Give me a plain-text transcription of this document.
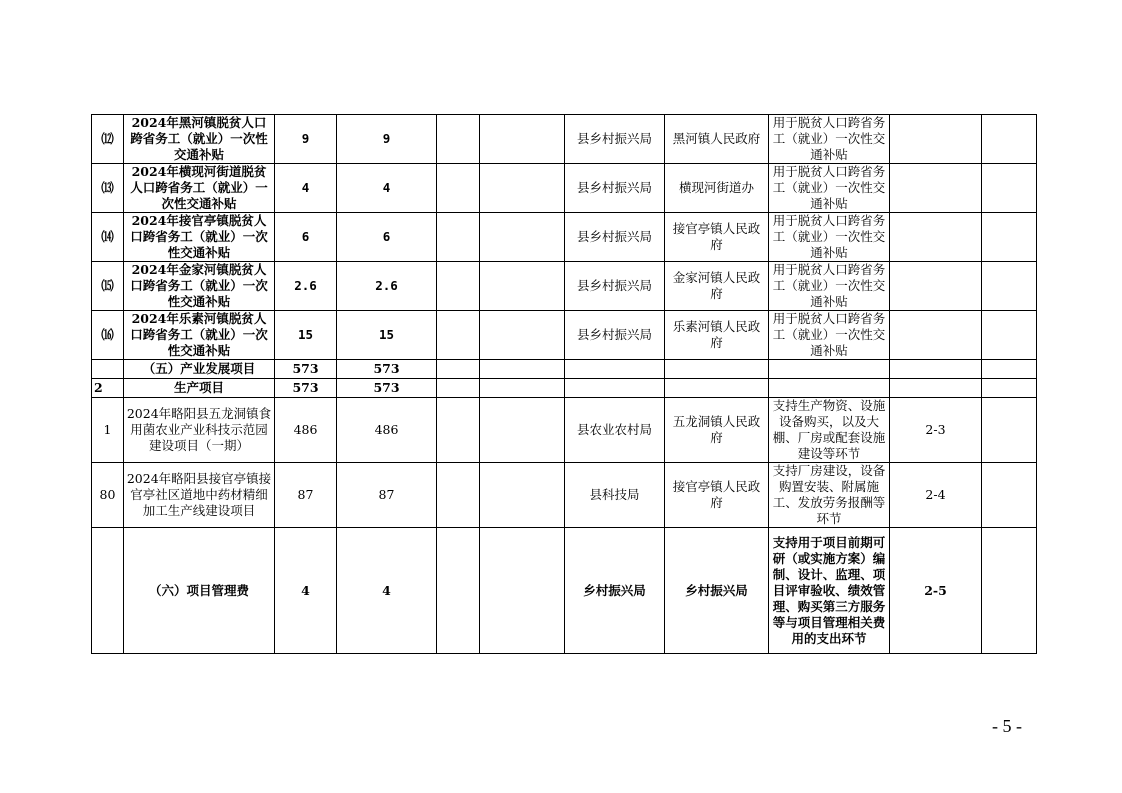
⑿	2024年黑河镇脱贫人口跨省务工（就业）一次性交通补贴	9	9			县乡村振兴局	黑河镇人民政府	用于脱贫人口跨省务工（就业）一次性交通补贴		
⒀	2024年横现河街道脱贫人口跨省务工（就业）一次性交通补贴	4	4			县乡村振兴局	横现河街道办	用于脱贫人口跨省务工（就业）一次性交通补贴		
⒁	2024年接官亭镇脱贫人口跨省务工（就业）一次性交通补贴	6	6			县乡村振兴局	接官亭镇人民政府	用于脱贫人口跨省务工（就业）一次性交通补贴		
⒂	2024年金家河镇脱贫人口跨省务工（就业）一次性交通补贴	2.6	2.6			县乡村振兴局	金家河镇人民政府	用于脱贫人口跨省务工（就业）一次性交通补贴		
⒃	2024年乐素河镇脱贫人口跨省务工（就业）一次性交通补贴	15	15			县乡村振兴局	乐素河镇人民政府	用于脱贫人口跨省务工（就业）一次性交通补贴		
	（五）产业发展项目	573	573							
2	生产项目	573	573							
1	2024年略阳县五龙洞镇食用菌农业产业科技示范园建设项目（一期）	486	486			县农业农村局	五龙洞镇人民政府	支持生产物资、设施设备购买，以及大棚、厂房或配套设施建设等环节	2-3	
80	2024年略阳县接官亭镇接官亭社区道地中药材精细加工生产线建设项目	87	87			县科技局	接官亭镇人民政府	支持厂房建设，设备购置安装、附属施工、发放劳务报酬等环节	2-4	
	（六）项目管理费	4	4			乡村振兴局	乡村振兴局	支持用于项目前期可研（或实施方案）编制、设计、监理、项目评审验收、绩效管理、购买第三方服务等与项目管理相关费用的支出环节	2-5	
- 5 -
